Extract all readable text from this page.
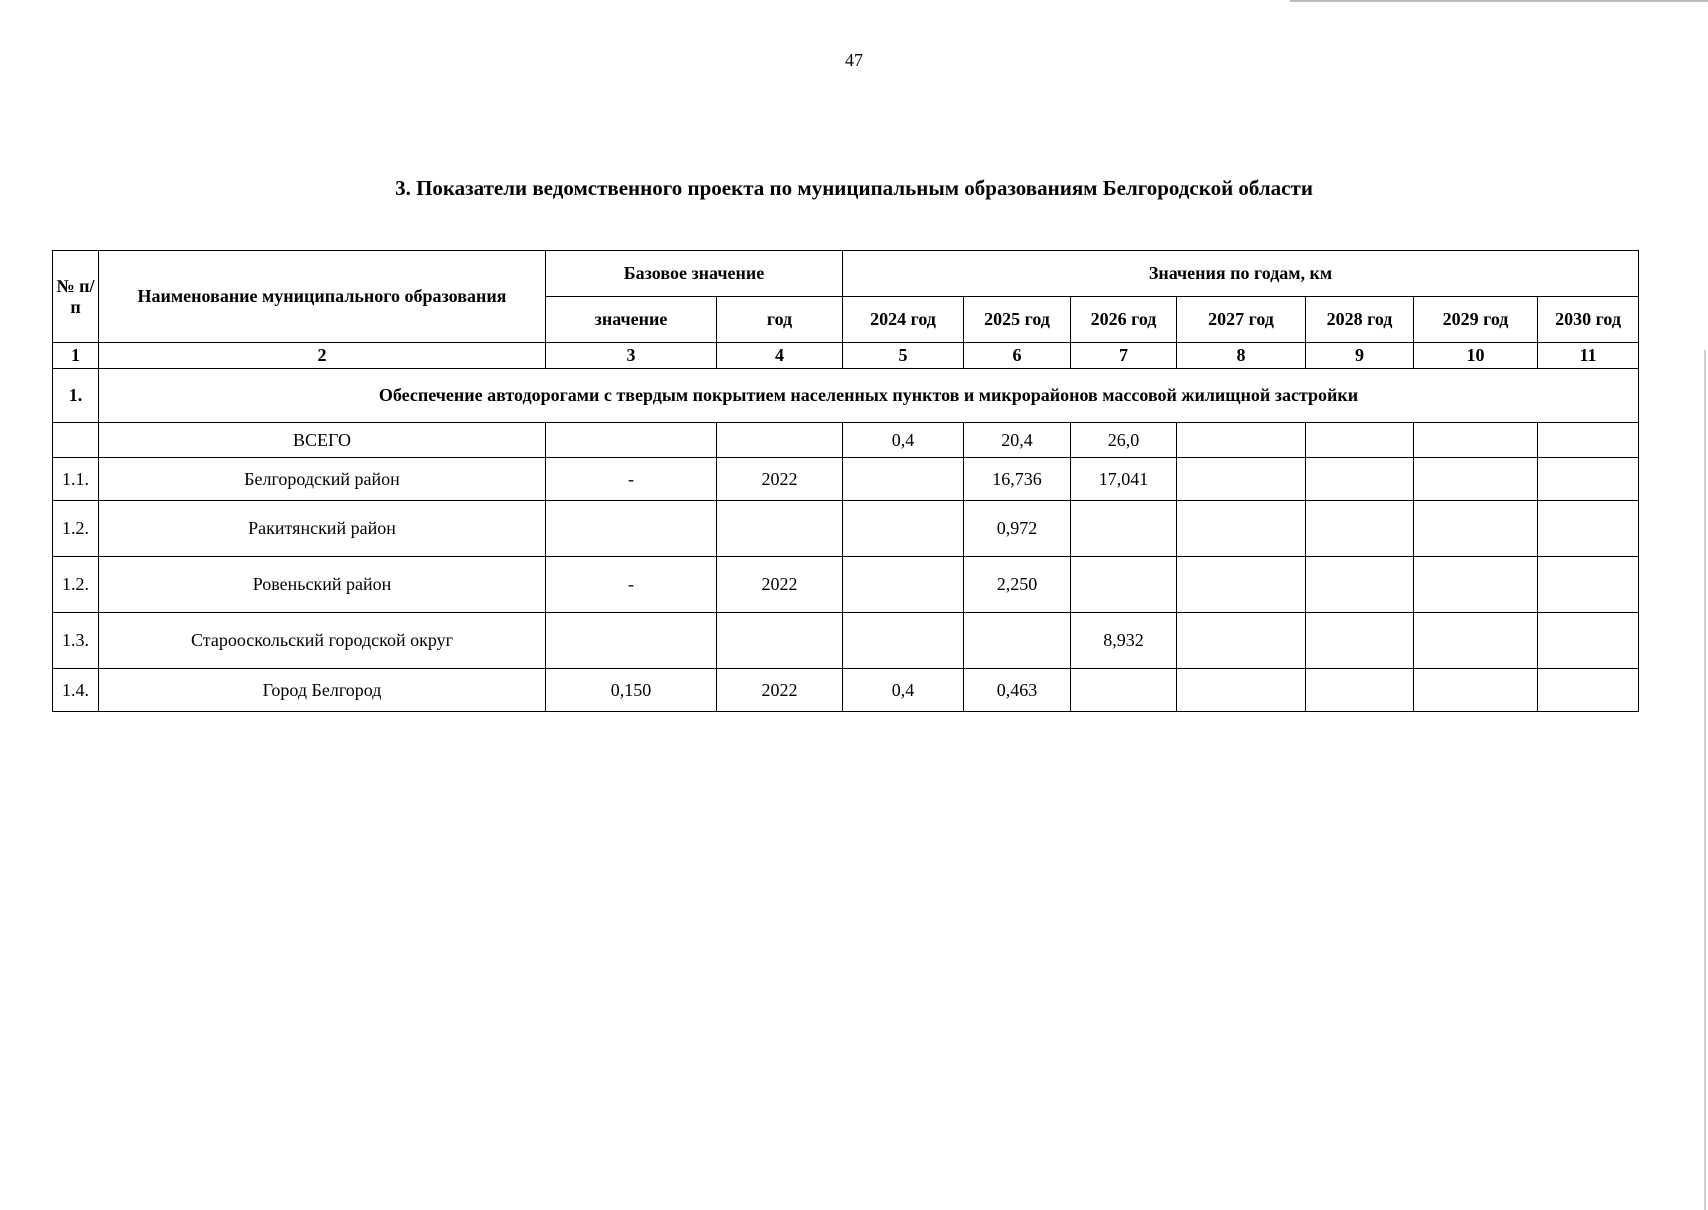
47
3. Показатели ведомственного проекта по муниципальным образованиям Белгородской области
№ п/п	Наименование муниципального образования	Базовое значение		Значения по годам, км						
		значение	год	2024 год	2025 год	2026 год	2027 год	2028 год	2029 год	2030 год
1	2	3	4	5	6	7	8	9	10	11
1.	Обеспечение автодорогами с твердым покрытием населенных пунктов и микрорайонов массовой жилищной застройки									
	ВСЕГО			0,4	20,4	26,0				
1.1.	Белгородский район	-	2022		16,736	17,041				
1.2.	Ракитянский район				0,972					
1.2.	Ровеньский район	-	2022		2,250					
1.3.	Старооскольский городской округ					8,932				
1.4.	Город Белгород	0,150	2022	0,4	0,463					
